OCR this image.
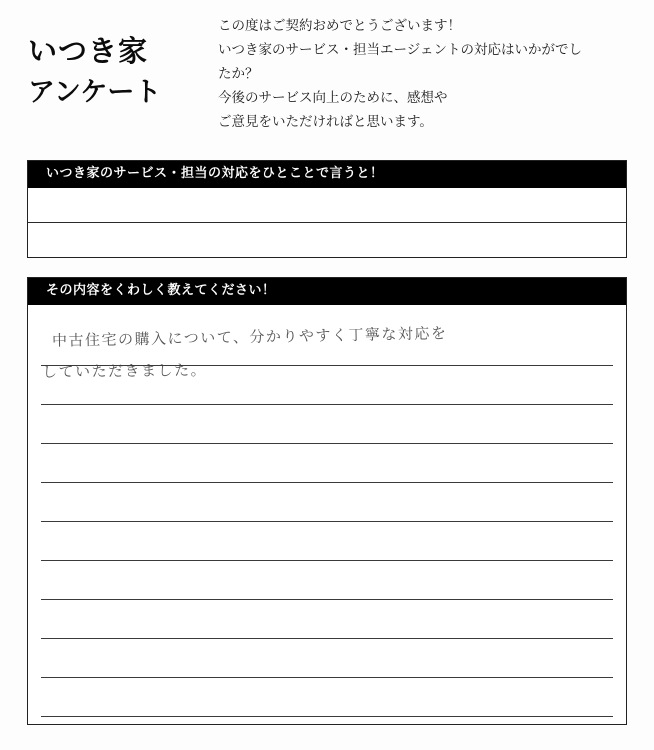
いつき家
アンケート

この度はご契約おめでとうございます！

いつき家のサービス・担当エージェントの対応はいかがでし

たか？

今後のサービス向上のために、感想や

ご意見をいただければと思います。

いつき家のサービス・担当の対応をひとことで言うと！
その内容をくわしく教えてください！
中古住宅の購入について、分かりやすく丁寧な対応を
していただきました。
